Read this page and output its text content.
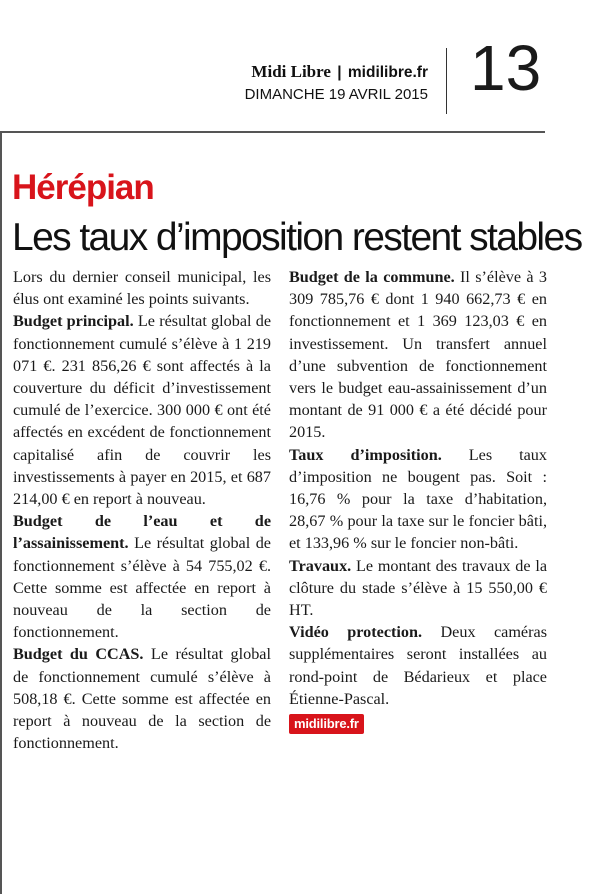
Midi Libre | midilibre.fr
DIMANCHE 19 AVRIL 2015 13
Hérépian
Les taux d’imposition restent stables

Lors du dernier conseil municipal, les élus ont examiné les points suivants.

Budget principal. Le résultat global de fonctionnement cumulé s’élève à 1 219 071 €. 231 856,26 € sont affectés à la couverture du déficit d’investissement cumulé de l’exercice. 300 000 € ont été affectés en excédent de fonctionnement capitalisé afin de couvrir les investissements à payer en 2015, et 687 214,00 € en report à nouveau.

Budget de l’eau et de l’assainissement. Le résultat global de fonctionnement s’élève à 54 755,02 €. Cette somme est affectée en report à nouveau de la section de fonctionnement.

Budget du CCAS. Le résultat global de fonctionnement cumulé s’élève à 508,18 €. Cette somme est affectée en report à nouveau de la section de fonctionnement.

Budget de la commune. Il s’élève à 3 309 785,76 € dont 1 940 662,73 € en fonctionnement et 1 369 123,03 € en investissement. Un transfert annuel d’une subvention de fonctionnement vers le budget eau-assainissement d’un montant de 91 000 € a été décidé pour 2015.

Taux d’imposition. Les taux d’imposition ne bougent pas. Soit : 16,76 % pour la taxe d’habitation, 28,67 % pour la taxe sur le foncier bâti, et 133,96 % sur le foncier non-bâti.

Travaux. Le montant des travaux de la clôture du stade s’élève à 15 550,00 € HT.

Vidéo protection. Deux caméras supplémentaires seront installées au rond-point de Bédarieux et place Étienne-Pascal.

midilibre.fr
